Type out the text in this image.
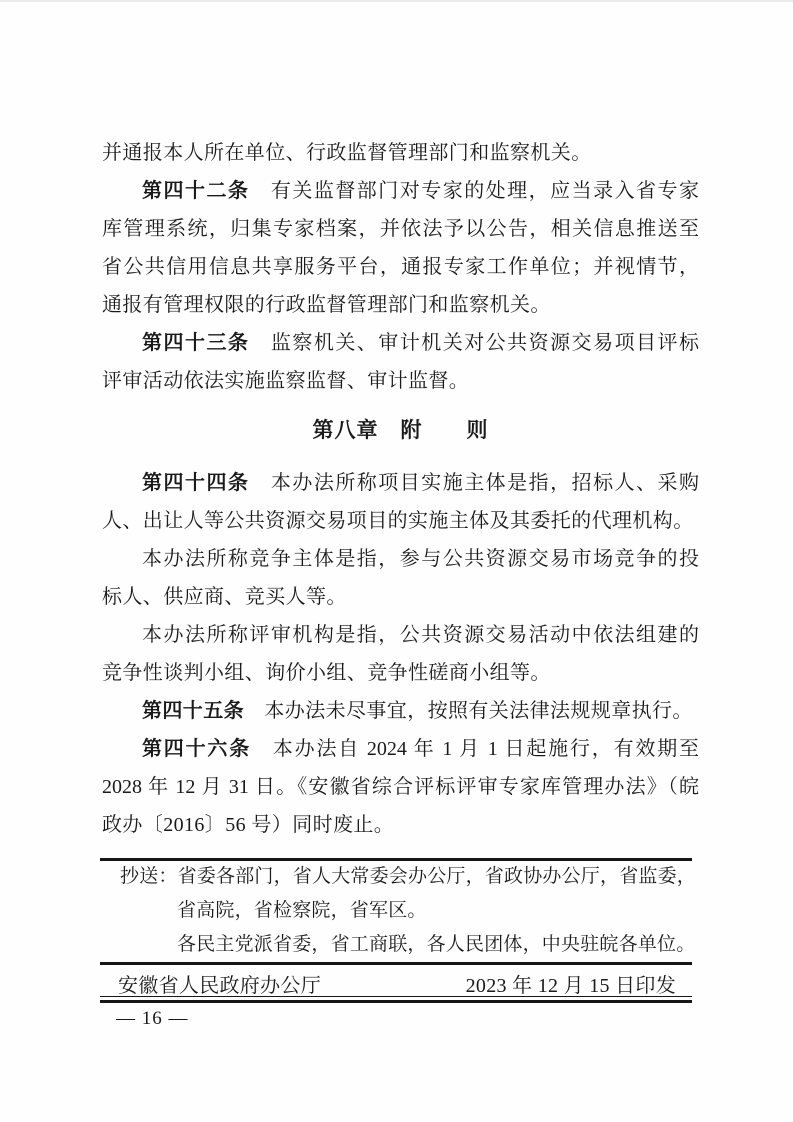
并通报本人所在单位、行政监督管理部门和监察机关。
第四十二条　有关监督部门对专家的处理，应当录入省专家
库管理系统，归集专家档案，并依法予以公告，相关信息推送至
省公共信用信息共享服务平台，通报专家工作单位；并视情节，
通报有管理权限的行政监督管理部门和监察机关。
第四十三条　监察机关、审计机关对公共资源交易项目评标
评审活动依法实施监察监督、审计监督。
第八章　附　　则
第四十四条　本办法所称项目实施主体是指，招标人、采购
人、出让人等公共资源交易项目的实施主体及其委托的代理机构。
本办法所称竞争主体是指，参与公共资源交易市场竞争的投
标人、供应商、竞买人等。
本办法所称评审机构是指，公共资源交易活动中依法组建的
竞争性谈判小组、询价小组、竞争性磋商小组等。
第四十五条　本办法未尽事宜，按照有关法律法规规章执行。
第四十六条　本办法自 2024 年 1 月 1 日起施行，有效期至
2028 年 12 月 31 日。《安徽省综合评标评审专家库管理办法》（皖
政办〔2016〕56 号）同时废止。
抄送：省委各部门，省人大常委会办公厅，省政协办公厅，省监委，
省高院，省检察院，省军区。
各民主党派省委，省工商联，各人民团体，中央驻皖各单位。
安徽省人民政府办公厅	2023 年 12 月 15 日印发
— 16 —
